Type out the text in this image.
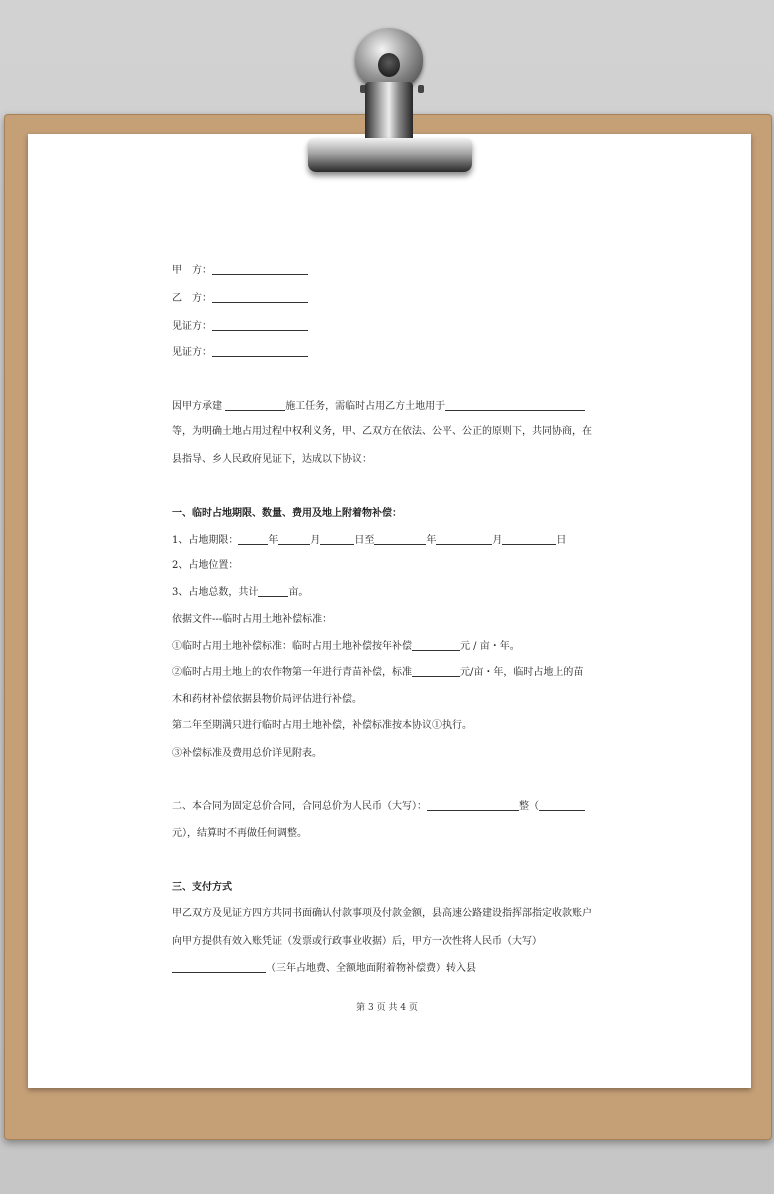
甲　方：
乙　方：
见证方：
见证方：
因甲方承建	施工任务，需临时占用乙方土地用于
等，为明确土地占用过程中权利义务，甲、乙双方在依法、公平、公正的原则下，共同协商，在
县指导、乡人民政府见证下，达成以下协议：
一、临时占地期限、数量、费用及地上附着物补偿：
1、占地期限：	年	月	日至	年	月	日
2、占地位置：
3、占地总数，共计	亩。
依据文件---临时占用土地补偿标准：
①临时占用土地补偿标准：临时占用土地补偿按年补偿	元 / 亩・年。
②临时占用土地上的农作物第一年进行青苗补偿，标准	元/亩・年，临时占地上的苗
木和药材补偿依据县物价局评估进行补偿。
第二年至期满只进行临时占用土地补偿，补偿标准按本协议①执行。
③补偿标准及费用总价详见附表。
二、本合同为固定总价合同，合同总价为人民币（大写）：	整（
元），结算时不再做任何调整。
三、支付方式
甲乙双方及见证方四方共同书面确认付款事项及付款金额，县高速公路建设指挥部指定收款账户
向甲方提供有效入账凭证（发票或行政事业收据）后，甲方一次性将人民币（大写）
（三年占地费、全额地面附着物补偿费）转入县
第 3 页 共 4 页
